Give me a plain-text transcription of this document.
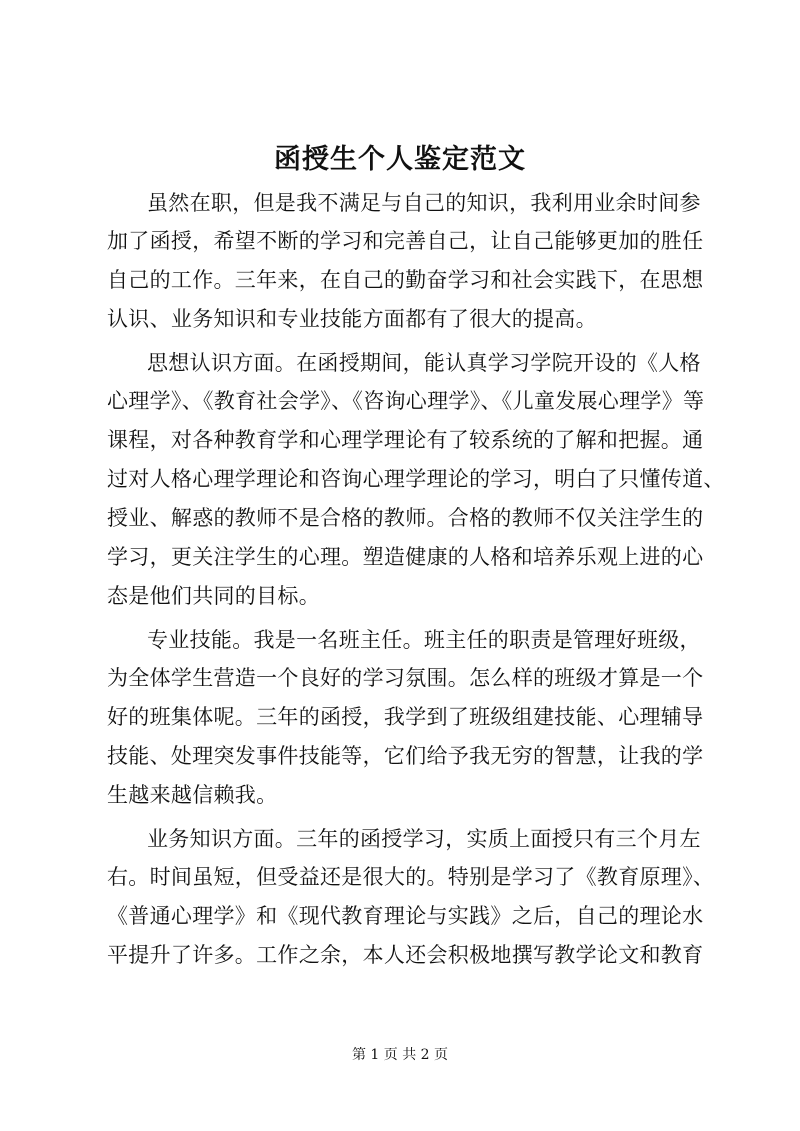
函授生个人鉴定范文
虽然在职，但是我不满足与自己的知识，我利用业余时间参
加了函授，希望不断的学习和完善自己，让自己能够更加的胜任
自己的工作。三年来，在自己的勤奋学习和社会实践下，在思想
认识、业务知识和专业技能方面都有了很大的提高。
思想认识方面。在函授期间，能认真学习学院开设的《人格
心理学》、《教育社会学》、《咨询心理学》、《儿童发展心理学》等
课程，对各种教育学和心理学理论有了较系统的了解和把握。通
过对人格心理学理论和咨询心理学理论的学习，明白了只懂传道、
授业、解惑的教师不是合格的教师。合格的教师不仅关注学生的
学习，更关注学生的心理。塑造健康的人格和培养乐观上进的心
态是他们共同的目标。
专业技能。我是一名班主任。班主任的职责是管理好班级，
为全体学生营造一个良好的学习氛围。怎么样的班级才算是一个
好的班集体呢。三年的函授，我学到了班级组建技能、心理辅导
技能、处理突发事件技能等，它们给予我无穷的智慧，让我的学
生越来越信赖我。
业务知识方面。三年的函授学习，实质上面授只有三个月左
右。时间虽短，但受益还是很大的。特别是学习了《教育原理》、
《普通心理学》和《现代教育理论与实践》之后，自己的理论水
平提升了许多。工作之余，本人还会积极地撰写教学论文和教育
第 1 页 共 2 页
